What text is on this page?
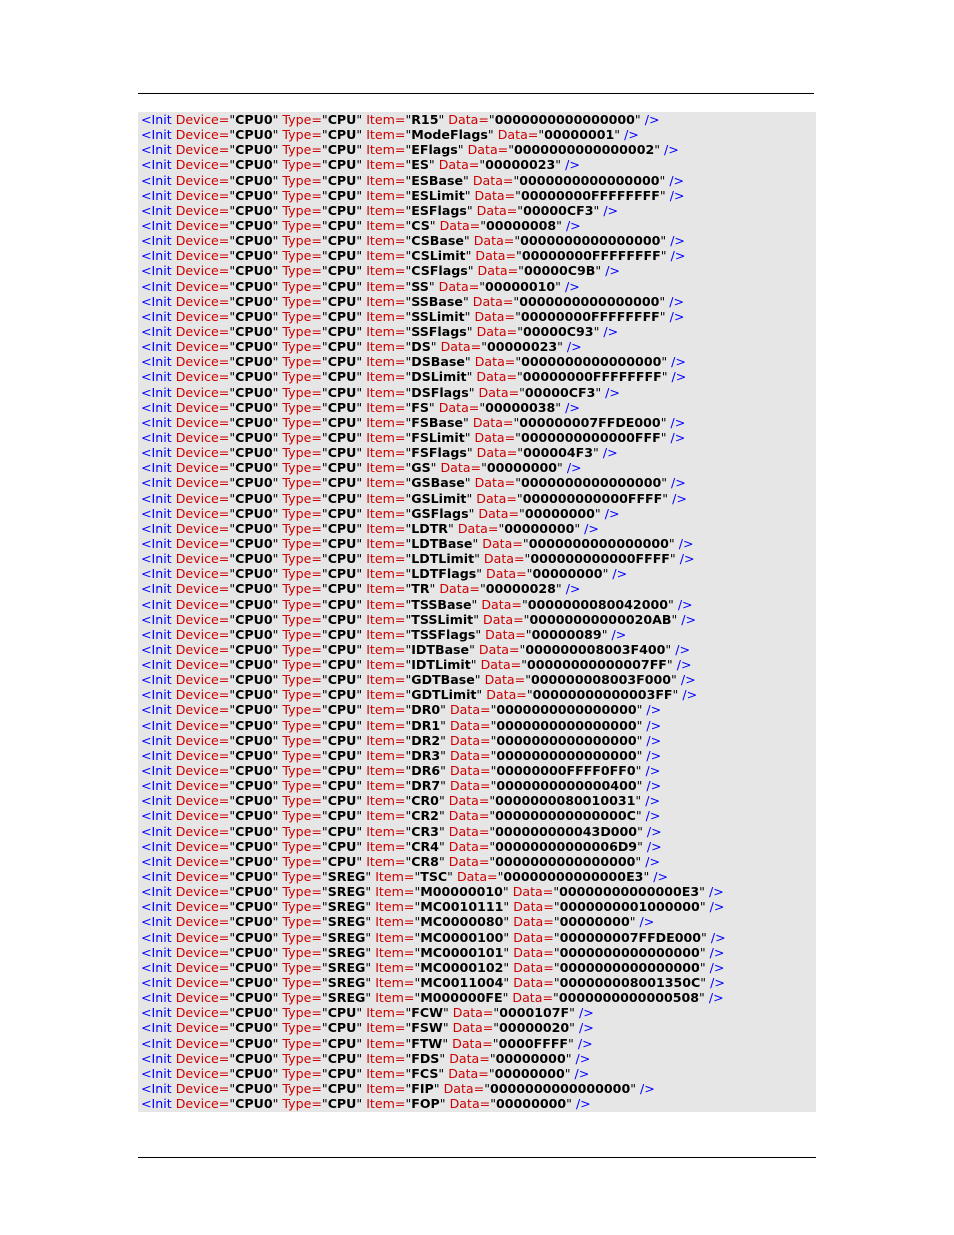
<Init Device="CPU0" Type="CPU" Item="R15" Data="0000000000000000" />
<Init Device="CPU0" Type="CPU" Item="ModeFlags" Data="00000001" />
<Init Device="CPU0" Type="CPU" Item="EFlags" Data="0000000000000002" />
<Init Device="CPU0" Type="CPU" Item="ES" Data="00000023" />
<Init Device="CPU0" Type="CPU" Item="ESBase" Data="0000000000000000" />
<Init Device="CPU0" Type="CPU" Item="ESLimit" Data="00000000FFFFFFFF" />
<Init Device="CPU0" Type="CPU" Item="ESFlags" Data="00000CF3" />
<Init Device="CPU0" Type="CPU" Item="CS" Data="00000008" />
<Init Device="CPU0" Type="CPU" Item="CSBase" Data="0000000000000000" />
<Init Device="CPU0" Type="CPU" Item="CSLimit" Data="00000000FFFFFFFF" />
<Init Device="CPU0" Type="CPU" Item="CSFlags" Data="00000C9B" />
<Init Device="CPU0" Type="CPU" Item="SS" Data="00000010" />
<Init Device="CPU0" Type="CPU" Item="SSBase" Data="0000000000000000" />
<Init Device="CPU0" Type="CPU" Item="SSLimit" Data="00000000FFFFFFFF" />
<Init Device="CPU0" Type="CPU" Item="SSFlags" Data="00000C93" />
<Init Device="CPU0" Type="CPU" Item="DS" Data="00000023" />
<Init Device="CPU0" Type="CPU" Item="DSBase" Data="0000000000000000" />
<Init Device="CPU0" Type="CPU" Item="DSLimit" Data="00000000FFFFFFFF" />
<Init Device="CPU0" Type="CPU" Item="DSFlags" Data="00000CF3" />
<Init Device="CPU0" Type="CPU" Item="FS" Data="00000038" />
<Init Device="CPU0" Type="CPU" Item="FSBase" Data="000000007FFDE000" />
<Init Device="CPU0" Type="CPU" Item="FSLimit" Data="0000000000000FFF" />
<Init Device="CPU0" Type="CPU" Item="FSFlags" Data="000004F3" />
<Init Device="CPU0" Type="CPU" Item="GS" Data="00000000" />
<Init Device="CPU0" Type="CPU" Item="GSBase" Data="0000000000000000" />
<Init Device="CPU0" Type="CPU" Item="GSLimit" Data="000000000000FFFF" />
<Init Device="CPU0" Type="CPU" Item="GSFlags" Data="00000000" />
<Init Device="CPU0" Type="CPU" Item="LDTR" Data="00000000" />
<Init Device="CPU0" Type="CPU" Item="LDTBase" Data="0000000000000000" />
<Init Device="CPU0" Type="CPU" Item="LDTLimit" Data="000000000000FFFF" />
<Init Device="CPU0" Type="CPU" Item="LDTFlags" Data="00000000" />
<Init Device="CPU0" Type="CPU" Item="TR" Data="00000028" />
<Init Device="CPU0" Type="CPU" Item="TSSBase" Data="0000000080042000" />
<Init Device="CPU0" Type="CPU" Item="TSSLimit" Data="00000000000020AB" />
<Init Device="CPU0" Type="CPU" Item="TSSFlags" Data="00000089" />
<Init Device="CPU0" Type="CPU" Item="IDTBase" Data="000000008003F400" />
<Init Device="CPU0" Type="CPU" Item="IDTLimit" Data="00000000000007FF" />
<Init Device="CPU0" Type="CPU" Item="GDTBase" Data="000000008003F000" />
<Init Device="CPU0" Type="CPU" Item="GDTLimit" Data="00000000000003FF" />
<Init Device="CPU0" Type="CPU" Item="DR0" Data="0000000000000000" />
<Init Device="CPU0" Type="CPU" Item="DR1" Data="0000000000000000" />
<Init Device="CPU0" Type="CPU" Item="DR2" Data="0000000000000000" />
<Init Device="CPU0" Type="CPU" Item="DR3" Data="0000000000000000" />
<Init Device="CPU0" Type="CPU" Item="DR6" Data="00000000FFFF0FF0" />
<Init Device="CPU0" Type="CPU" Item="DR7" Data="0000000000000400" />
<Init Device="CPU0" Type="CPU" Item="CR0" Data="0000000080010031" />
<Init Device="CPU0" Type="CPU" Item="CR2" Data="000000000000000C" />
<Init Device="CPU0" Type="CPU" Item="CR3" Data="000000000043D000" />
<Init Device="CPU0" Type="CPU" Item="CR4" Data="00000000000006D9" />
<Init Device="CPU0" Type="CPU" Item="CR8" Data="0000000000000000" />
<Init Device="CPU0" Type="SREG" Item="TSC" Data="00000000000000E3" />
<Init Device="CPU0" Type="SREG" Item="M00000010" Data="00000000000000E3" />
<Init Device="CPU0" Type="SREG" Item="MC0010111" Data="0000000001000000" />
<Init Device="CPU0" Type="SREG" Item="MC0000080" Data="00000000" />
<Init Device="CPU0" Type="SREG" Item="MC0000100" Data="000000007FFDE000" />
<Init Device="CPU0" Type="SREG" Item="MC0000101" Data="0000000000000000" />
<Init Device="CPU0" Type="SREG" Item="MC0000102" Data="0000000000000000" />
<Init Device="CPU0" Type="SREG" Item="MC0011004" Data="000000008001350C" />
<Init Device="CPU0" Type="SREG" Item="M000000FE" Data="0000000000000508" />
<Init Device="CPU0" Type="CPU" Item="FCW" Data="0000107F" />
<Init Device="CPU0" Type="CPU" Item="FSW" Data="00000020" />
<Init Device="CPU0" Type="CPU" Item="FTW" Data="0000FFFF" />
<Init Device="CPU0" Type="CPU" Item="FDS" Data="00000000" />
<Init Device="CPU0" Type="CPU" Item="FCS" Data="00000000" />
<Init Device="CPU0" Type="CPU" Item="FIP" Data="0000000000000000" />
<Init Device="CPU0" Type="CPU" Item="FOP" Data="00000000" />
